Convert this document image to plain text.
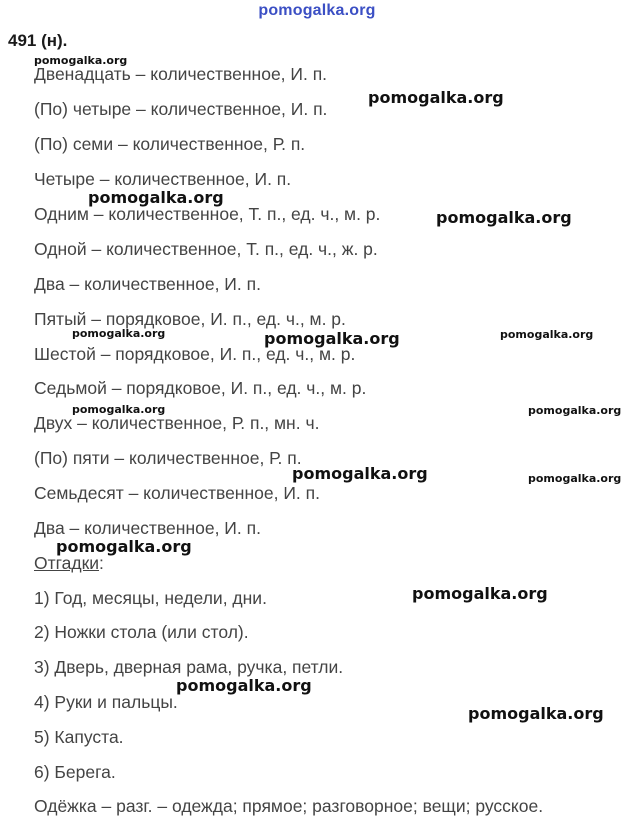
pomogalka.org
491 (н).

Двенадцать – количественное, И. п.

(По) четыре – количественное, И. п.

(По) семи – количественное, Р. п.

Четыре – количественное, И. п.

Одним – количественное, Т. п., ед. ч., м. р.

Одной – количественное, Т. п., ед. ч., ж. р.

Два – количественное, И. п.

Пятый – порядковое, И. п., ед. ч., м. р.

Шестой – порядковое, И. п., ед. ч., м. р.

Седьмой – порядковое, И. п., ед. ч., м. р.

Двух – количественное, Р. п., мн. ч.

(По) пяти – количественное, Р. п.

Семьдесят – количественное, И. п.

Два – количественное, И. п.

Отгадки:

1) Год, месяцы, недели, дни.

2) Ножки стола (или стол).

3) Дверь, дверная рама, ручка, петли.

4) Руки и пальцы.

5) Капуста.

6) Берега.

Одёжка – разг. – одежда; прямое; разговорное; вещи; русское.

pomogalka.org

pomogalka.org

pomogalka.org

pomogalka.org

pomogalka.org	pomogalka.org	pomogalka.org

pomogalka.org	pomogalka.org

pomogalka.org	pomogalka.org

pomogalka.org

pomogalka.org

pomogalka.org

pomogalka.org
